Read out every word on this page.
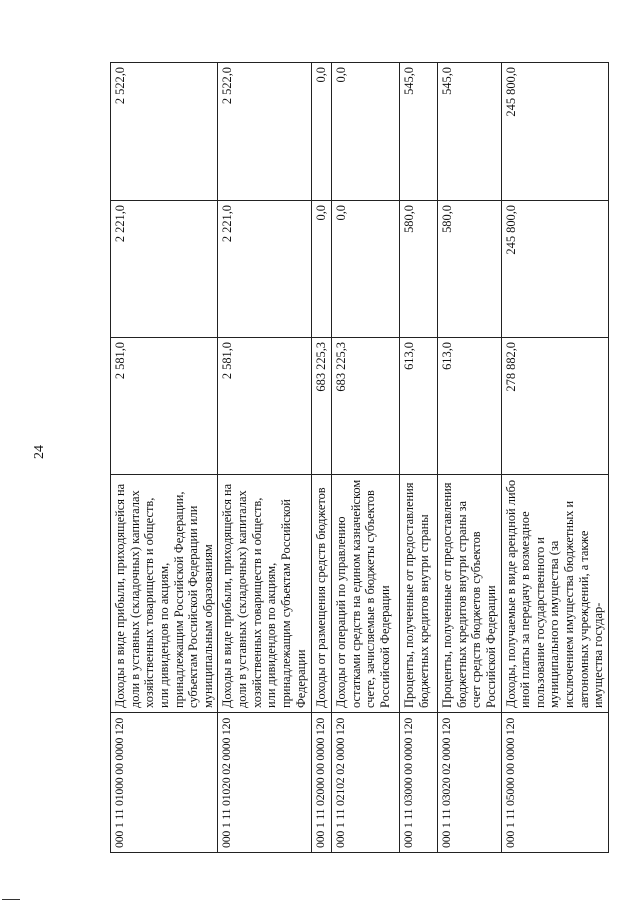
24
000 1 11 01000 00 0000 120	Доходы в виде прибыли, приходящейся на доли в уставных (складочных) капиталах хозяйственных товариществ и обществ, или дивидендов по акциям, принадлежащим Российской Федерации, субъектам Российской Федерации или муниципальным образованиям	2 581,0	2 221,0	2 522,0
000 1 11 01020 02 0000 120	Доходы в виде прибыли, приходящейся на доли в уставных (складочных) капиталах хозяйственных товариществ и обществ, или дивидендов по акциям, принадлежащим субъектам Российской Федерации	2 581,0	2 221,0	2 522,0
000 1 11 02000 00 0000 120	Доходы от размещения средств бюджетов	683 225,3	0,0	0,0
000 1 11 02102 02 0000 120	Доходы от операций по управлению остатками средств на едином казначейском счете, зачисляемые в бюджеты субъектов Российской Федерации	683 225,3	0,0	0,0
000 1 11 03000 00 0000 120	Проценты, полученные от предоставления бюджетных кредитов внутри страны	613,0	580,0	545,0
000 1 11 03020 02 0000 120	Проценты, полученные от предоставления бюджетных кредитов внутри страны за счет средств бюджетов субъектов Российской Федерации	613,0	580,0	545,0
000 1 11 05000 00 0000 120	Доходы, получаемые в виде арендной либо иной платы за передачу в возмездное пользование государственного и муниципального имущества (за исключением имущества бюджетных и автономных учреждений, а также имущества государ-	278 882,0	245 800,0	245 800,0
